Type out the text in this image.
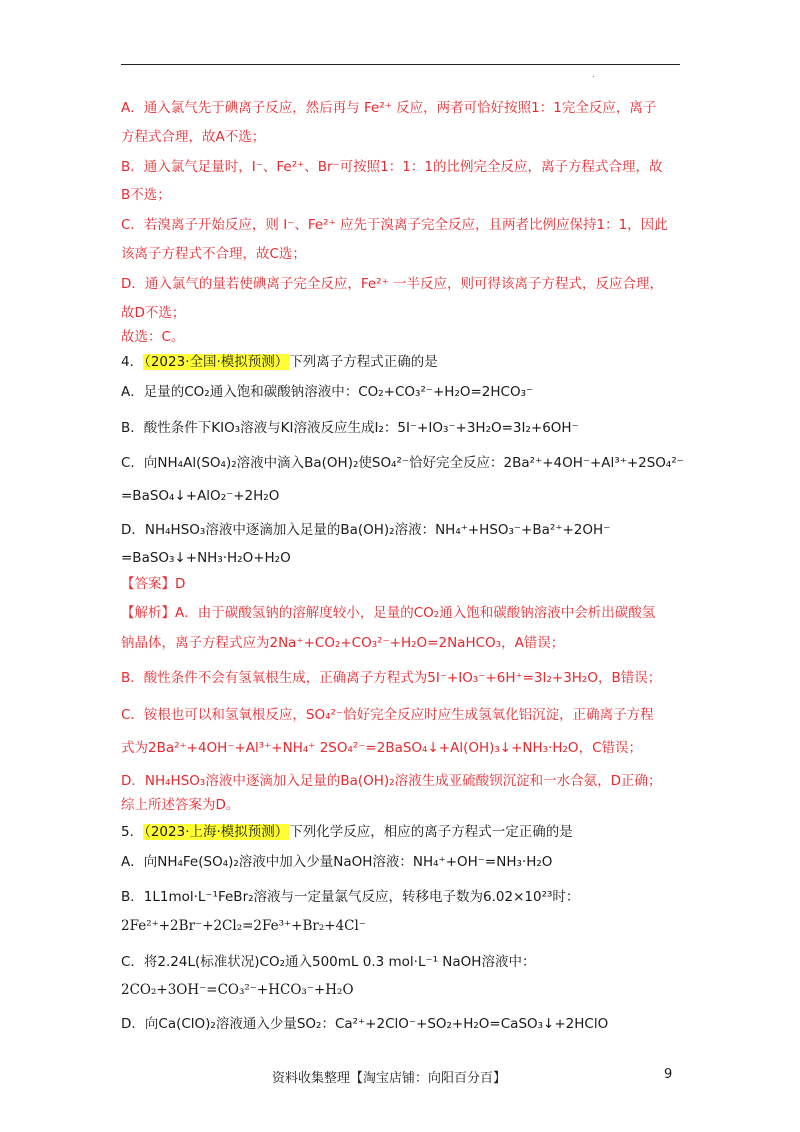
.
A．通入氯气先于碘离子反应，然后再与 Fe²⁺ 反应，两者可恰好按照1：1完全反应，离子
方程式合理，故A不选；
B．通入氯气足量时，I⁻、Fe²⁺、Br⁻可按照1：1：1的比例完全反应，离子方程式合理，故
B不选；
C．若溴离子开始反应，则 I⁻、Fe²⁺ 应先于溴离子完全反应，且两者比例应保持1：1，因此
该离子方程式不合理，故C选；
D．通入氯气的量若使碘离子完全反应，Fe²⁺ 一半反应，则可得该离子方程式，反应合理，
故D不选；
故选：C。
4．（2023·全国·模拟预测）下列离子方程式正确的是
A．足量的CO₂通入饱和碳酸钠溶液中：CO₂+CO₃²⁻+H₂O=2HCO₃⁻
B．酸性条件下KIO₃溶液与KI溶液反应生成I₂：5I⁻+IO₃⁻+3H₂O=3I₂+6OH⁻
C．向NH₄Al(SO₄)₂溶液中滴入Ba(OH)₂使SO₄²⁻恰好完全反应：2Ba²⁺+4OH⁻+Al³⁺+2SO₄²⁻
=BaSO₄↓+AlO₂⁻+2H₂O
D．NH₄HSO₃溶液中逐滴加入足量的Ba(OH)₂溶液：NH₄⁺+HSO₃⁻+Ba²⁺+2OH⁻
=BaSO₃↓+NH₃·H₂O+H₂O
【答案】D
【解析】A．由于碳酸氢钠的溶解度较小，足量的CO₂通入饱和碳酸钠溶液中会析出碳酸氢
钠晶体，离子方程式应为2Na⁺+CO₂+CO₃²⁻+H₂O=2NaHCO₃，A错误；
B．酸性条件不会有氢氧根生成，正确离子方程式为5I⁻+IO₃⁻+6H⁺=3I₂+3H₂O，B错误；
C．铵根也可以和氢氧根反应，SO₄²⁻恰好完全反应时应生成氢氧化铝沉淀，正确离子方程
式为2Ba²⁺+4OH⁻+Al³⁺+NH₄⁺ 2SO₄²⁻=2BaSO₄↓+Al(OH)₃↓+NH₃·H₂O，C错误；
D．NH₄HSO₃溶液中逐滴加入足量的Ba(OH)₂溶液生成亚硫酸钡沉淀和一水合氨，D正确；
综上所述答案为D。
5．（2023·上海·模拟预测）下列化学反应，相应的离子方程式一定正确的是
A．向NH₄Fe(SO₄)₂溶液中加入少量NaOH溶液：NH₄⁺+OH⁻=NH₃·H₂O
B．1L1mol·L⁻¹FeBr₂溶液与一定量氯气反应，转移电子数为6.02×10²³时：
2Fe²⁺+2Br⁻+2Cl₂=2Fe³⁺+Br₂+4Cl⁻
C．将2.24L(标准状况)CO₂通入500mL 0.3 mol·L⁻¹ NaOH溶液中：
2CO₂+3OH⁻=CO₃²⁻+HCO₃⁻+H₂O
D．向Ca(ClO)₂溶液通入少量SO₂：Ca²⁺+2ClO⁻+SO₂+H₂O=CaSO₃↓+2HClO
资料收集整理【淘宝店铺：向阳百分百】	9
